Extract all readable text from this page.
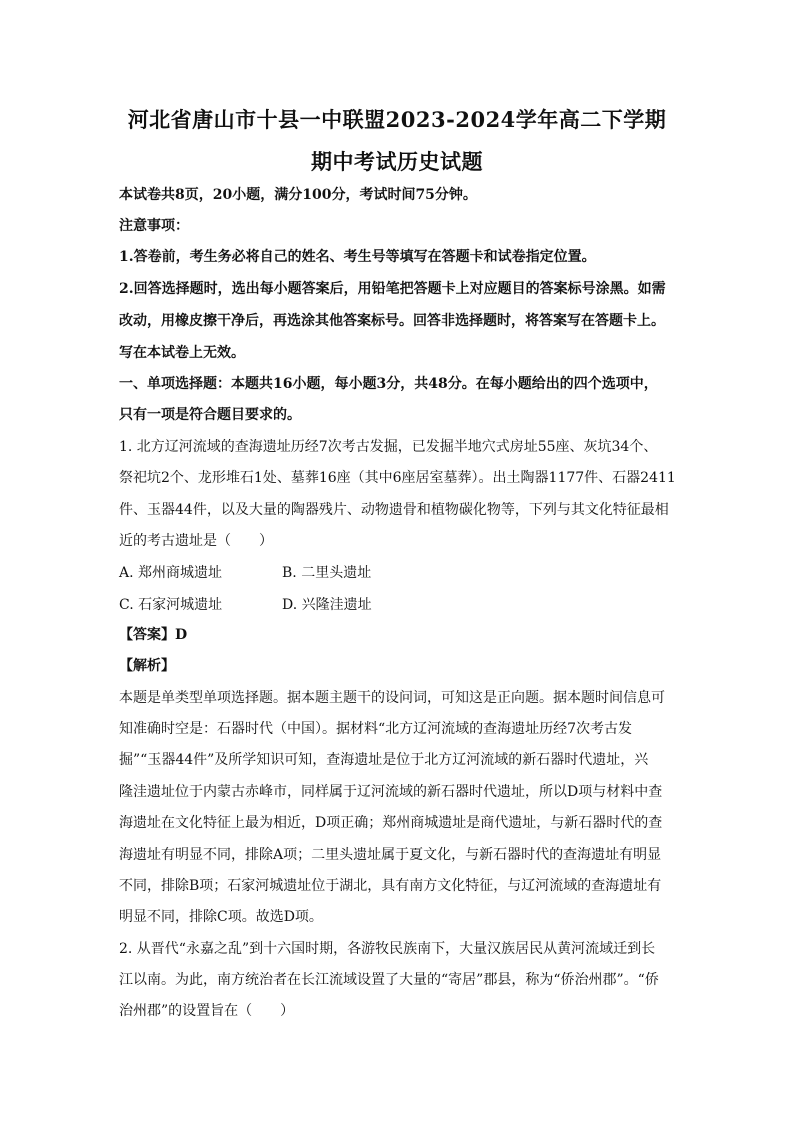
河北省唐山市十县一中联盟2023-2024学年高二下学期
期中考试历史试题
本试卷共8页，20小题，满分100分，考试时间75分钟。
注意事项：
1.答卷前，考生务必将自己的姓名、考生号等填写在答题卡和试卷指定位置。
2.回答选择题时，选出每小题答案后，用铅笔把答题卡上对应题目的答案标号涂黑。如需
改动，用橡皮擦干净后，再选涂其他答案标号。回答非选择题时，将答案写在答题卡上。
写在本试卷上无效。
一、单项选择题：本题共16小题，每小题3分，共48分。在每小题给出的四个选项中，
只有一项是符合题目要求的。
1. 北方辽河流域的查海遗址历经7次考古发掘，已发掘半地穴式房址55座、灰坑34个、
祭祀坑2个、龙形堆石1处、墓葬16座（其中6座居室墓葬）。出土陶器1177件、石器2411
件、玉器44件，以及大量的陶器残片、动物遗骨和植物碳化物等，下列与其文化特征最相
近的考古遗址是（　　）
A. 郑州商城遗址	B. 二里头遗址
C. 石家河城遗址	D. 兴隆洼遗址
【答案】D
【解析】
本题是单类型单项选择题。据本题主题干的设问词，可知这是正向题。据本题时间信息可
知准确时空是：石器时代（中国）。据材料“北方辽河流域的查海遗址历经7次考古发
掘”“玉器44件”及所学知识可知，查海遗址是位于北方辽河流域的新石器时代遗址，兴
隆洼遗址位于内蒙古赤峰市，同样属于辽河流域的新石器时代遗址，所以D项与材料中查
海遗址在文化特征上最为相近，D项正确；郑州商城遗址是商代遗址，与新石器时代的查
海遗址有明显不同，排除A项；二里头遗址属于夏文化，与新石器时代的查海遗址有明显
不同，排除B项；石家河城遗址位于湖北，具有南方文化特征，与辽河流域的查海遗址有
明显不同，排除C项。故选D项。
2. 从晋代“永嘉之乱”到十六国时期，各游牧民族南下，大量汉族居民从黄河流域迁到长
江以南。为此，南方统治者在长江流域设置了大量的“寄居”郡县，称为“侨治州郡”。“侨
治州郡”的设置旨在（　　）
